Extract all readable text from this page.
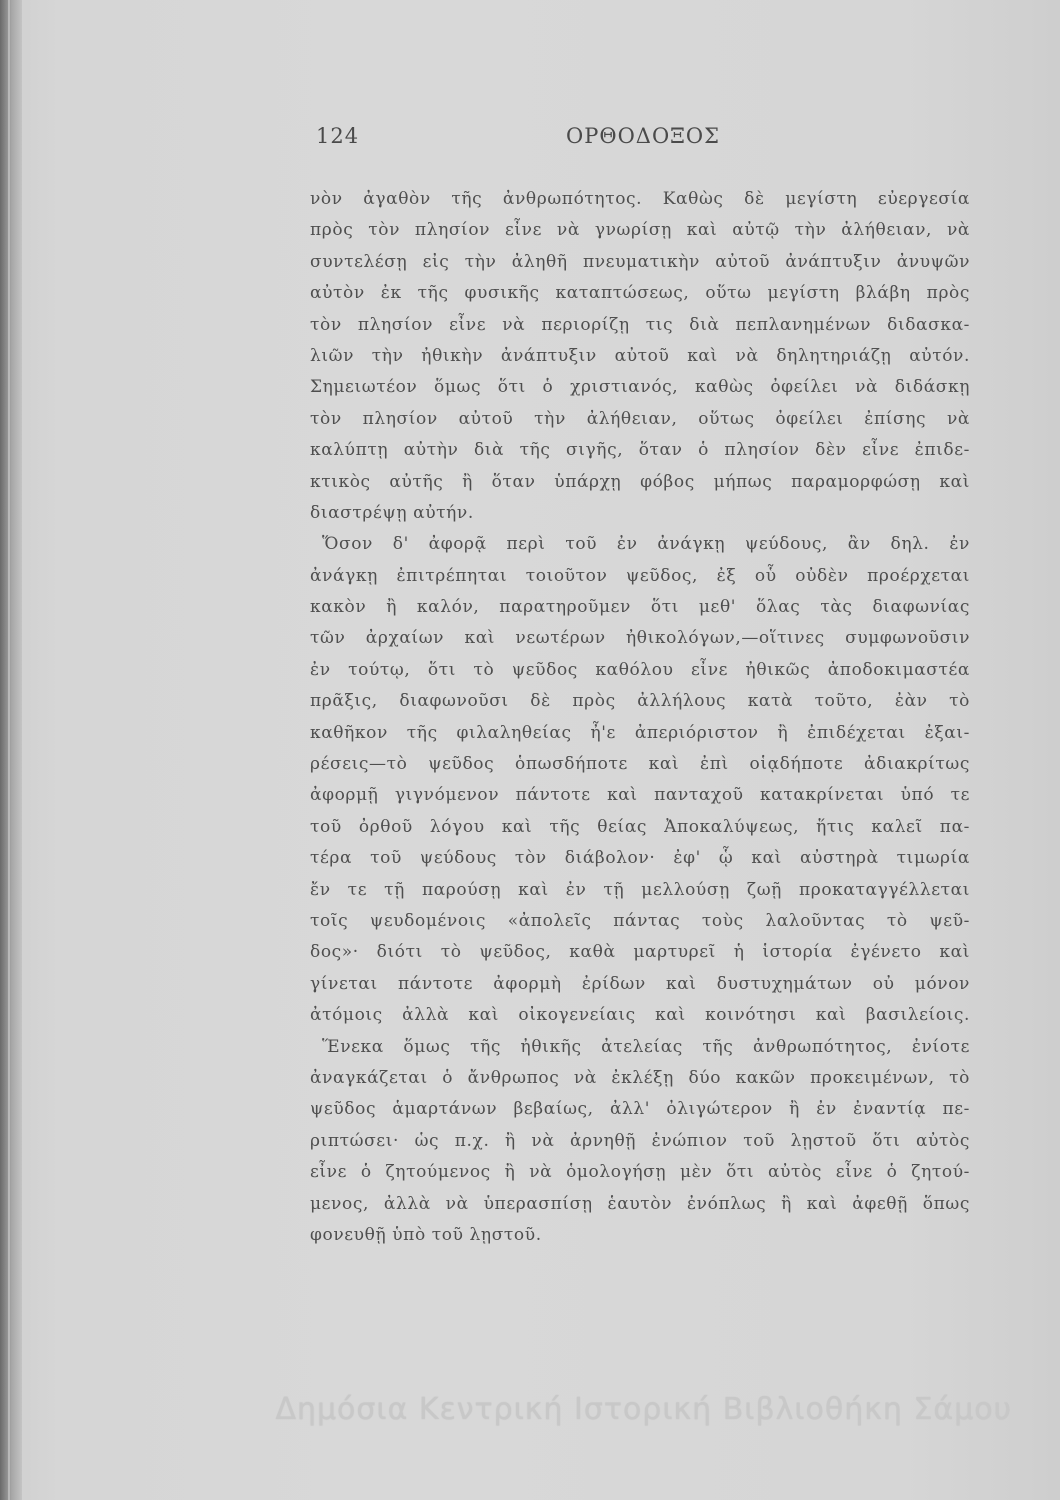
124	ΟΡΘΟΔΟΞΟΣ
νὸν ἀγαθὸν τῆς ἀνθρωπότητος. Καθὼς δὲ μεγίστη εὐεργεσία
πρὸς τὸν πλησίον εἶνε νὰ γνωρίσῃ καὶ αὐτῷ τὴν ἀλήθειαν, νὰ
συντελέσῃ εἰς τὴν ἀληθῆ πνευματικὴν αὐτοῦ ἀνάπτυξιν ἀνυψῶν
αὐτὸν ἐκ τῆς φυσικῆς καταπτώσεως, οὕτω μεγίστη βλάβη πρὸς
τὸν πλησίον εἶνε νὰ περιορίζῃ τις διὰ πεπλανημένων διδασκα-
λιῶν τὴν ἠθικὴν ἀνάπτυξιν αὐτοῦ καὶ νὰ δηλητηριάζῃ αὐτόν.
Σημειωτέον ὅμως ὅτι ὁ χριστιανός, καθὼς ὀφείλει νὰ διδάσκῃ
τὸν πλησίον αὐτοῦ τὴν ἀλήθειαν, οὕτως ὀφείλει ἐπίσης νὰ
καλύπτῃ αὐτὴν διὰ τῆς σιγῆς, ὅταν ὁ πλησίον δὲν εἶνε ἐπιδε-
κτικὸς αὐτῆς ἢ ὅταν ὑπάρχῃ φόβος μήπως παραμορφώσῃ καὶ
διαστρέψῃ αὐτήν.
Ὅσον δ' ἀφορᾷ περὶ τοῦ ἐν ἀνάγκῃ ψεύδους, ἂν δηλ. ἐν
ἀνάγκῃ ἐπιτρέπηται τοιοῦτον ψεῦδος, ἐξ οὗ οὐδὲν προέρχεται
κακὸν ἢ καλόν, παρατηροῦμεν ὅτι μεθ' ὅλας τὰς διαφωνίας
τῶν ἀρχαίων καὶ νεωτέρων ἠθικολόγων,—οἵτινες συμφωνοῦσιν
ἐν τούτῳ, ὅτι τὸ ψεῦδος καθόλου εἶνε ἠθικῶς ἀποδοκιμαστέα
πρᾶξις, διαφωνοῦσι δὲ πρὸς ἀλλήλους κατὰ τοῦτο, ἐὰν τὸ
καθῆκον τῆς φιλαληθείας ἦ'ε ἀπεριόριστον ἢ ἐπιδέχεται ἐξαι-
ρέσεις—τὸ ψεῦδος ὁπωσδήποτε καὶ ἐπὶ οἱᾳδήποτε ἀδιακρίτως
ἀφορμῇ γιγνόμενον πάντοτε καὶ πανταχοῦ κατακρίνεται ὑπό τε
τοῦ ὀρθοῦ λόγου καὶ τῆς θείας Ἀποκαλύψεως, ἥτις καλεῖ πα-
τέρα τοῦ ψεύδους τὸν διάβολον· ἐφ' ᾧ καὶ αὐστηρὰ τιμωρία
ἔν τε τῇ παρούσῃ καὶ ἐν τῇ μελλούσῃ ζωῇ προκαταγγέλλεται
τοῖς ψευδομένοις «ἀπολεῖς πάντας τοὺς λαλοῦντας τὸ ψεῦ-
δος»· διότι τὸ ψεῦδος, καθὰ μαρτυρεῖ ἡ ἱστορία ἐγένετο καὶ
γίνεται πάντοτε ἀφορμὴ ἐρίδων καὶ δυστυχημάτων οὐ μόνον
ἀτόμοις ἀλλὰ καὶ οἰκογενείαις καὶ κοινότησι καὶ βασιλείοις.
Ἕνεκα ὅμως τῆς ἠθικῆς ἀτελείας τῆς ἀνθρωπότητος, ἐνίοτε
ἀναγκάζεται ὁ ἄνθρωπος νὰ ἐκλέξῃ δύο κακῶν προκειμένων, τὸ
ψεῦδος ἁμαρτάνων βεβαίως, ἀλλ' ὀλιγώτερον ἢ ἐν ἐναντίᾳ πε-
ριπτώσει· ὡς π.χ. ἢ νὰ ἀρνηθῇ ἐνώπιον τοῦ λῃστοῦ ὅτι αὐτὸς
εἶνε ὁ ζητούμενος ἢ νὰ ὁμολογήσῃ μὲν ὅτι αὐτὸς εἶνε ὁ ζητού-
μενος, ἀλλὰ νὰ ὑπερασπίσῃ ἑαυτὸν ἐνόπλως ἢ καὶ ἀφεθῇ ὅπως
φονευθῇ ὑπὸ τοῦ λῃστοῦ.
Δημόσια Κεντρική Ιστορική Βιβλιοθήκη Σάμου
